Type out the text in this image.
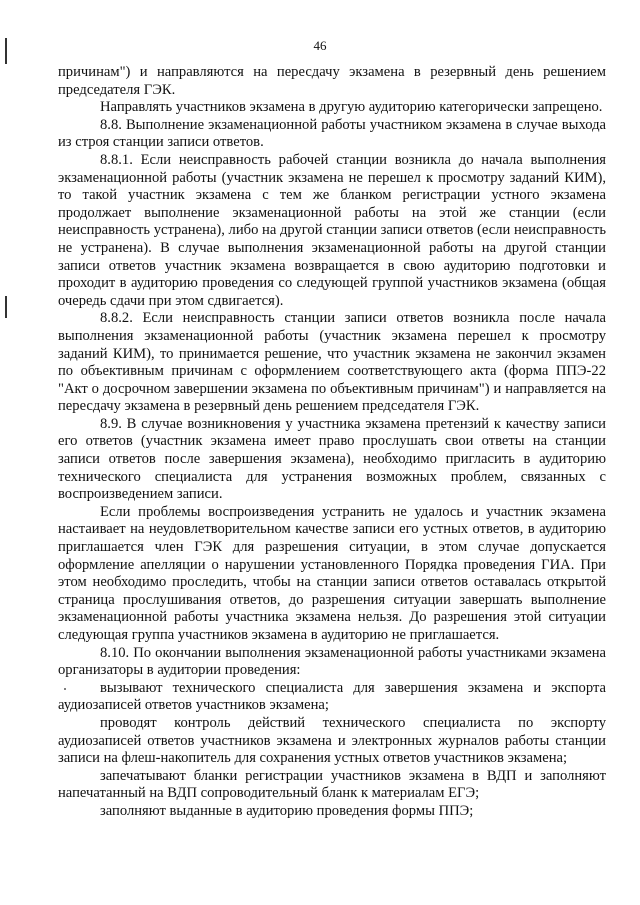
46

причинам") и направляются на пересдачу экзамена в резервный день решением председателя ГЭК.

Направлять участников экзамена в другую аудиторию категорически запрещено.

8.8. Выполнение экзаменационной работы участником экзамена в случае выхода из строя станции записи ответов.

8.8.1. Если неисправность рабочей станции возникла до начала выполнения экзаменационной работы (участник экзамена не перешел к просмотру заданий КИМ), то такой участник экзамена с тем же бланком регистрации устного экзамена продолжает выполнение экзаменационной работы на этой же станции (если неисправность устранена), либо на другой станции записи ответов (если неисправность не устранена). В случае выполнения экзаменационной работы на другой станции записи ответов участник экзамена возвращается в свою аудиторию подготовки и проходит в аудиторию проведения со следующей группой участников экзамена (общая очередь сдачи при этом сдвигается).

8.8.2. Если неисправность станции записи ответов возникла после начала выполнения экзаменационной работы (участник экзамена перешел к просмотру заданий КИМ), то принимается решение, что участник экзамена не закончил экзамен по объективным причинам с оформлением соответствующего акта (форма ППЭ-22 "Акт о досрочном завершении экзамена по объективным причинам") и направляется на пересдачу экзамена в резервный день решением председателя ГЭК.

8.9. В случае возникновения у участника экзамена претензий к качеству записи его ответов (участник экзамена имеет право прослушать свои ответы на станции записи ответов после завершения экзамена), необходимо пригласить в аудиторию технического специалиста для устранения возможных проблем, связанных с воспроизведением записи.

Если проблемы воспроизведения устранить не удалось и участник экзамена настаивает на неудовлетворительном качестве записи его устных ответов, в аудиторию приглашается член ГЭК для разрешения ситуации, в этом случае допускается оформление апелляции о нарушении установленного Порядка проведения ГИА. При этом необходимо проследить, чтобы на станции записи ответов оставалась открытой страница прослушивания ответов, до разрешения ситуации завершать выполнение экзаменационной работы участника экзамена нельзя. До разрешения этой ситуации следующая группа участников экзамена в аудиторию не приглашается.

8.10. По окончании выполнения экзаменационной работы участниками экзамена организаторы в аудитории проведения:

вызывают технического специалиста для завершения экзамена и экспорта аудиозаписей ответов участников экзамена;

проводят контроль действий технического специалиста по экспорту аудиозаписей ответов участников экзамена и электронных журналов работы станции записи на флеш-накопитель для сохранения устных ответов участников экзамена;

запечатывают бланки регистрации участников экзамена в ВДП и заполняют напечатанный на ВДП сопроводительный бланк к материалам ЕГЭ;

заполняют выданные в аудиторию проведения формы ППЭ;
